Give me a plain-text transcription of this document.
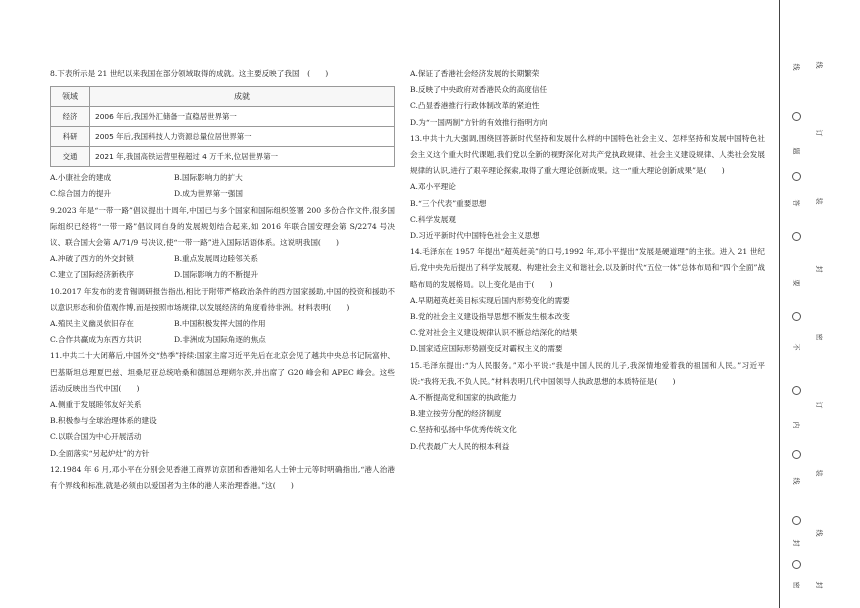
8.下表所示是 21 世纪以来我国在部分领域取得的成就。这主要反映了我国　(　　)

领域	成就
经济	2006 年后,我国外汇储备一直稳居世界第一
科研	2005 年后,我国科技人力资源总量位居世界第一
交通	2021 年,我国高铁运营里程超过 4 万千米,位居世界第一
A.小康社会的建成	B.国际影响力的扩大
C.综合国力的提升	D.成为世界第一强国

9.2023 年是“一带一路”倡议提出十周年,中国已与多个国家和国际组织签署 200 多份合作文件,很多国际组织已经将“一带一路”倡议同自身的发展规划结合起来,如 2016 年联合国安理会第 S/2274 号决议、联合国大会第 A/71/9 号决议,使“一带一路”进入国际话语体系。这说明我国(　　)

A.冲破了西方的外交封锁	B.重点发展周边睦邻关系
C.建立了国际经济新秩序	D.国际影响力的不断提升

10.2017 年发布的麦肯锡调研报告指出,相比于附带严格政治条件的西方国家援助,中国的投资和援助不以意识形态和价值观作博,而是按照市场规律,以发展经济的角度看待非洲。材料表明(　　)

A.殖民主义幽灵依旧存在	B.中国积极发挥大国的作用
C.合作共赢成为东西方共识	D.非洲成为国际角逐的焦点

11.中共二十大闭幕后,中国外交“热季”持续:国家主席习近平先后在北京会见了越共中央总书记阮富仲、巴基斯坦总理夏巴兹、坦桑尼亚总统哈桑和德国总理朔尔茨,并出席了 G20 峰会和 APEC 峰会。这些活动反映出当代中国(　　)

A.侧重于发展睦邻友好关系
B.积极参与全球治理体系的建设
C.以联合国为中心开展活动
D.全面落实“另起炉灶”的方针

12.1984 年 6 月,邓小平在分别会见香港工商界访京团和香港知名人士钟士元等时明确指出,“港人治港有个界线和标准,就是必须由以爱国者为主体的港人来治理香港。”这(　　)

A.保证了香港社会经济发展的长期繁荣
B.反映了中央政府对香港民众的高度信任
C.凸显香港推行行政体制改革的紧迫性
D.为“一国两制”方针的有效推行指明方向

13.中共十九大强调,围绕回答新时代坚持和发展什么样的中国特色社会主义、怎样坚持和发展中国特色社会主义这个重大时代课题,我们党以全新的视野深化对共产党执政规律、社会主义建设规律、人类社会发展规律的认识,进行了艰辛理论探索,取得了重大理论创新成果。这一“重大理论创新成果”是(　　)

A.邓小平理论
B.“三个代表”重要思想
C.科学发展观
D.习近平新时代中国特色社会主义思想

14.毛泽东在 1957 年提出“超英赶美”的口号,1992 年,邓小平提出“发展是硬道理”的主张。进入 21 世纪后,党中央先后提出了科学发展观、构建社会主义和谐社会,以及新时代“五位一体”总体布局和“四个全面”战略布局的发展格局。以上变化是由于(　　)

A.早期超英赶美目标实现后国内形势变化的需要
B.党的社会主义建设指导思想不断发生根本改变
C.党对社会主义建设规律认识不断总结深化的结果
D.国家适应国际形势剧变反对霸权主义的需要

15.毛泽东提出:“为人民服务。”邓小平说:“我是中国人民的儿子,我深情地爱着我的祖国和人民。”习近平说:“我将无我,不负人民。”材料表明几代中国领导人执政思想的本质特征是(　　)

A.不断提高党和国家的执政能力
B.建立按劳分配的经济制度
C.坚持和弘扬中华优秀传统文化
D.代表最广大人民的根本利益
线
题
答
要
不
内
线
封
密
线
订
装
封
密
订
装
线
封
